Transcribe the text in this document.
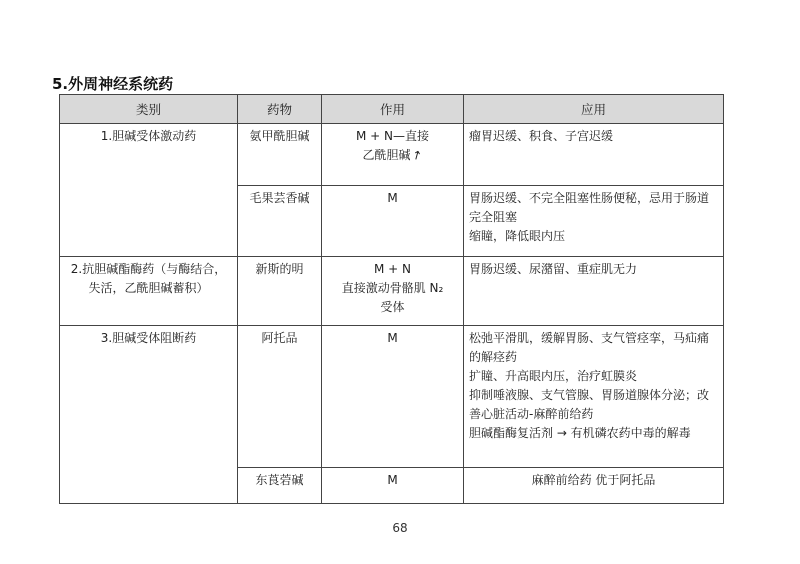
5.外周神经系统药
类别	药物	作用	应用
1.胆碱受体激动药	氨甲酰胆碱	M + N—直接
乙酰胆碱↗	瘤胃迟缓、积食、子宫迟缓

	毛果芸香碱	M	胃肠迟缓、不完全阻塞性肠便秘，忌用于肠道完全阻塞
缩瞳，降低眼内压

2.抗胆碱酯酶药（与酶结合，失活，乙酰胆碱蓄积）	新斯的明	M + N
直接激动骨骼肌 N₂
受体	胃肠迟缓、尿潴留、重症肌无力

3.胆碱受体阻断药	阿托品	M	松弛平滑肌，缓解胃肠、支气管痉挛，马疝痛的解痉药
扩瞳、升高眼内压，治疗虹膜炎
抑制唾液腺、支气管腺、胃肠道腺体分泌；改善心脏活动-麻醉前给药
胆碱酯酶复活剂 → 有机磷农药中毒的解毒

	东莨菪碱	M	麻醉前给药 优于阿托品
68
